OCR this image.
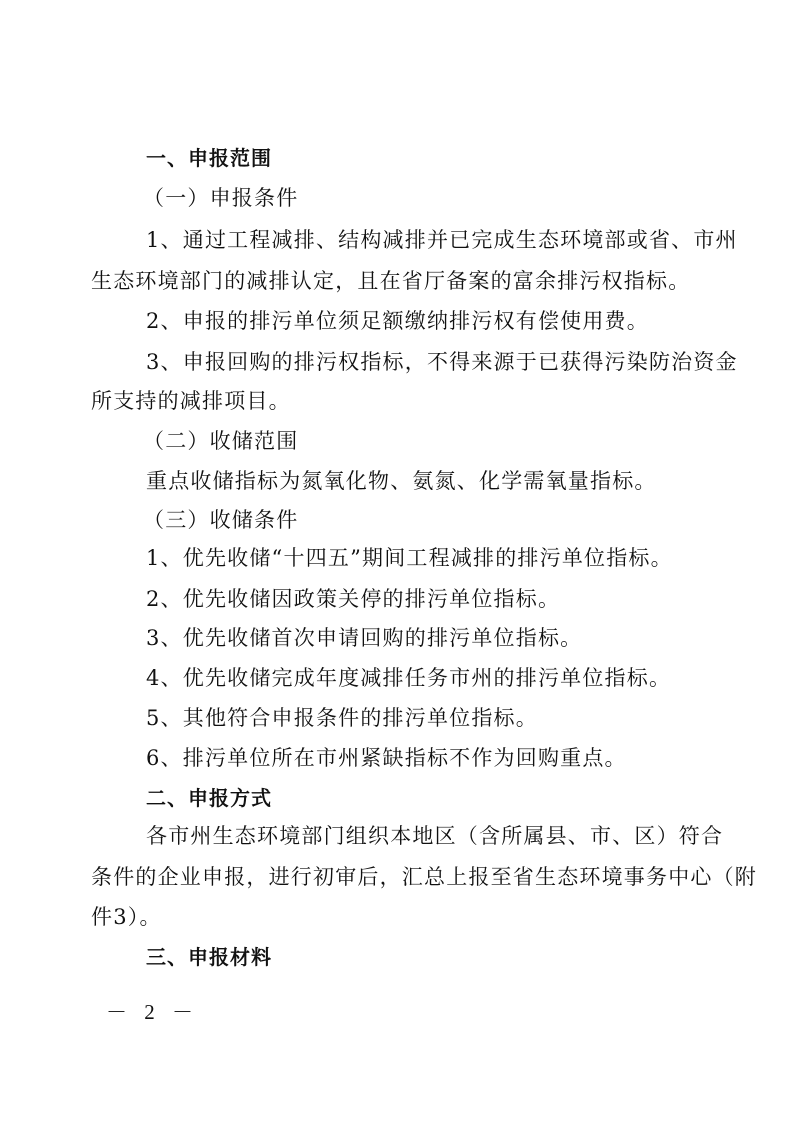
一、申报范围
（一）申报条件
1、通过工程减排、结构减排并已完成生态环境部或省、市州
生态环境部门的减排认定，且在省厅备案的富余排污权指标。
2、申报的排污单位须足额缴纳排污权有偿使用费。
3、申报回购的排污权指标，不得来源于已获得污染防治资金
所支持的减排项目。
（二）收储范围
重点收储指标为氮氧化物、氨氮、化学需氧量指标。
（三）收储条件
1、优先收储“十四五”期间工程减排的排污单位指标。
2、优先收储因政策关停的排污单位指标。
3、优先收储首次申请回购的排污单位指标。
4、优先收储完成年度减排任务市州的排污单位指标。
5、其他符合申报条件的排污单位指标。
6、排污单位所在市州紧缺指标不作为回购重点。
二、申报方式
各市州生态环境部门组织本地区（含所属县、市、区）符合
条件的企业申报，进行初审后，汇总上报至省生态环境事务中心（附
件3）。
三、申报材料
－ 2 －
